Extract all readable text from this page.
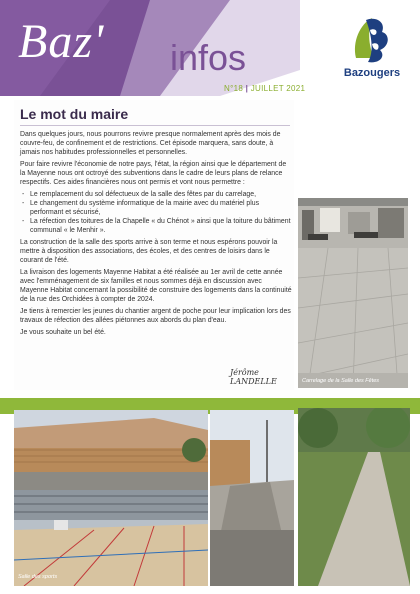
Baz' infos
N°18 | JUILLET 2021
Bazougers
Le mot du maire

Dans quelques jours, nous pourrons revivre presque normalement après des mois de couvre-feu, de confinement et de restrictions. Cet épisode marquera, sans doute, à jamais nos habitudes professionnelles et personnelles.

Pour faire revivre l'économie de notre pays, l'état, la région ainsi que le département de la Mayenne nous ont octroyé des subventions dans le cadre de leurs plans de relance respectifs. Ces aides financières nous ont permis et vont nous permettre :

- Le remplacement du sol défectueux de la salle des fêtes par du carrelage,
- Le changement du système informatique de la mairie avec du matériel plus performant et sécurisé,
- La réfection des toitures de la Chapelle « du Chénot » ainsi que la toiture du bâtiment communal « le Menhir ».

La construction de la salle des sports arrive à son terme et nous espérons pouvoir la mettre à disposition des associations, des écoles, et des centres de loisirs dans le courant de l'été.

La livraison des logements Mayenne Habitat a été réalisée au 1er avril de cette année avec l'emménagement de six familles et nous sommes déjà en discussion avec Mayenne Habitat concernant la possibilité de construire des logements dans la continuité de la rue des Orchidées à compter de 2024.

Je tiens à remercier les jeunes du chantier argent de poche pour leur implication lors des travaux de réfection des allées piétonnes aux abords du plan d'eau.

Je vous souhaite un bel été.

Jérôme LANDELLE	Carrelage de la Salle des Fêtes
Salle des sports
